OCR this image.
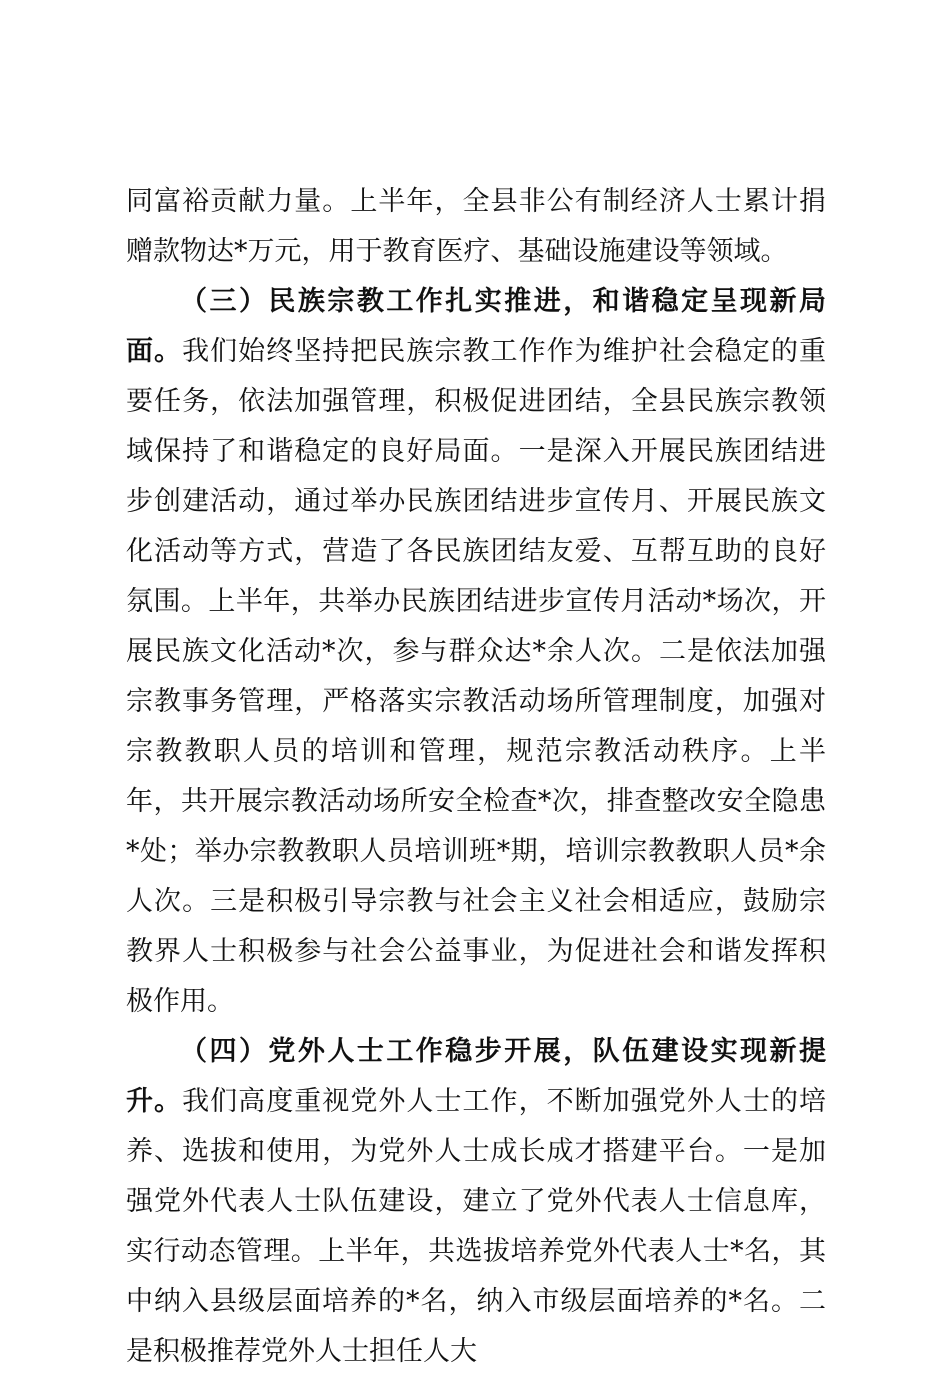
同富裕贡献力量。上半年，全县非公有制经济人士累计捐赠款物达*万元，用于教育医疗、基础设施建设等领域。

（三）民族宗教工作扎实推进，和谐稳定呈现新局面。我们始终坚持把民族宗教工作作为维护社会稳定的重要任务，依法加强管理，积极促进团结，全县民族宗教领域保持了和谐稳定的良好局面。一是深入开展民族团结进步创建活动，通过举办民族团结进步宣传月、开展民族文化活动等方式，营造了各民族团结友爱、互帮互助的良好氛围。上半年，共举办民族团结进步宣传月活动*场次，开展民族文化活动*次，参与群众达*余人次。二是依法加强宗教事务管理，严格落实宗教活动场所管理制度，加强对宗教教职人员的培训和管理，规范宗教活动秩序。上半年，共开展宗教活动场所安全检查*次，排查整改安全隐患*处；举办宗教教职人员培训班*期，培训宗教教职人员*余人次。三是积极引导宗教与社会主义社会相适应，鼓励宗教界人士积极参与社会公益事业，为促进社会和谐发挥积极作用。

（四）党外人士工作稳步开展，队伍建设实现新提升。我们高度重视党外人士工作，不断加强党外人士的培养、选拔和使用，为党外人士成长成才搭建平台。一是加强党外代表人士队伍建设，建立了党外代表人士信息库，实行动态管理。上半年，共选拔培养党外代表人士*名，其中纳入县级层面培养的*名，纳入市级层面培养的*名。二是积极推荐党外人士担任人大
